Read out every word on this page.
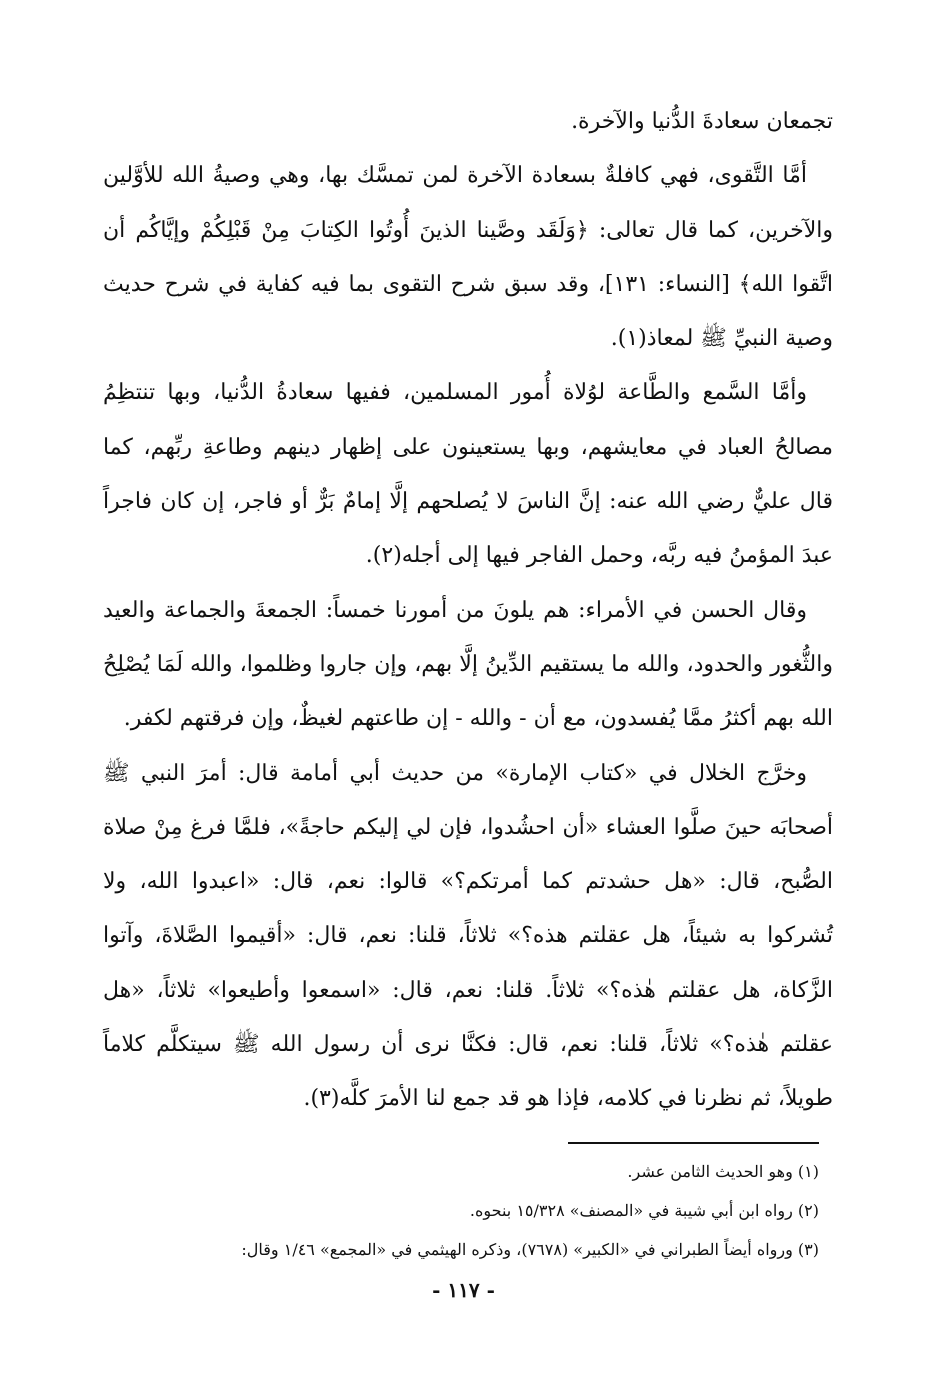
تجمعان سعادةَ الدُّنيا والآخرة.

أمَّا التَّقوى، فهي كافلةٌ بسعادة الآخرة لمن تمسَّك بها، وهي وصيةُ الله للأوَّلين والآخرين، كما قال تعالى: ﴿وَلَقَد وصَّينا الذينَ أُوتُوا الكِتابَ مِنْ قَبْلِكُمْ وإيَّاكُم أن اتَّقوا الله﴾ [النساء: ١٣١]، وقد سبق شرح التقوى بما فيه كفاية في شرح حديث وصية النبيِّ ﷺ لمعاذ(١).

وأمَّا السَّمع والطَّاعة لوُلاة أُمور المسلمين، ففيها سعادةُ الدُّنيا، وبها تنتظِمُ مصالحُ العباد في معايشهم، وبها يستعينون على إظهار دينهم وطاعةِ ربِّهم، كما قال عليٌّ رضي الله عنه: إنَّ الناسَ لا يُصلحهم إلَّا إمامٌ بَرٌّ أو فاجر، إن كان فاجراً عبدَ المؤمنُ فيه ربَّه، وحمل الفاجر فيها إلى أجله(٢).

وقال الحسن في الأمراء: هم يلونَ من أمورنا خمساً: الجمعةَ والجماعة والعيد والثُّغور والحدود، والله ما يستقيم الدِّينُ إلَّا بهم، وإن جاروا وظلموا، والله لَمَا يُصْلِحُ الله بهم أكثرُ ممَّا يُفسدون، مع أن - والله - إن طاعتهم لغيظٌ، وإن فرقتهم لكفر.

وخرَّج الخلال في «كتاب الإمارة» من حديث أبي أمامة قال: أمرَ النبي ﷺ أصحابَه حينَ صلَّوا العشاء «أن احشُدوا، فإن لي إليكم حاجةً»، فلمَّا فرغ مِنْ صلاة الصُّبح، قال: «هل حشدتم كما أمرتكم؟» قالوا: نعم، قال: «اعبدوا الله، ولا تُشركوا به شيئاً، هل عقلتم هذه؟» ثلاثاً، قلنا: نعم، قال: «أقيموا الصَّلاةَ، وآتوا الزَّكاة، هل عقلتم هٰذه؟» ثلاثاً. قلنا: نعم، قال: «اسمعوا وأطيعوا» ثلاثاً، «هل عقلتم هٰذه؟» ثلاثاً، قلنا: نعم، قال: فكنَّا نرى أن رسول الله ﷺ سيتكلَّم كلاماً طويلاً، ثم نظرنا في كلامه، فإذا هو قد جمع لنا الأمرَ كلَّه(٣).

(١) وهو الحديث الثامن عشر.

(٢) رواه ابن أبي شيبة في «المصنف» ١٥/٣٢٨ بنحوه.

(٣) ورواه أيضاً الطبراني في «الكبير» (٧٦٧٨)، وذكره الهيثمي في «المجمع» ١/٤٦ وقال:

- ١١٧ -
